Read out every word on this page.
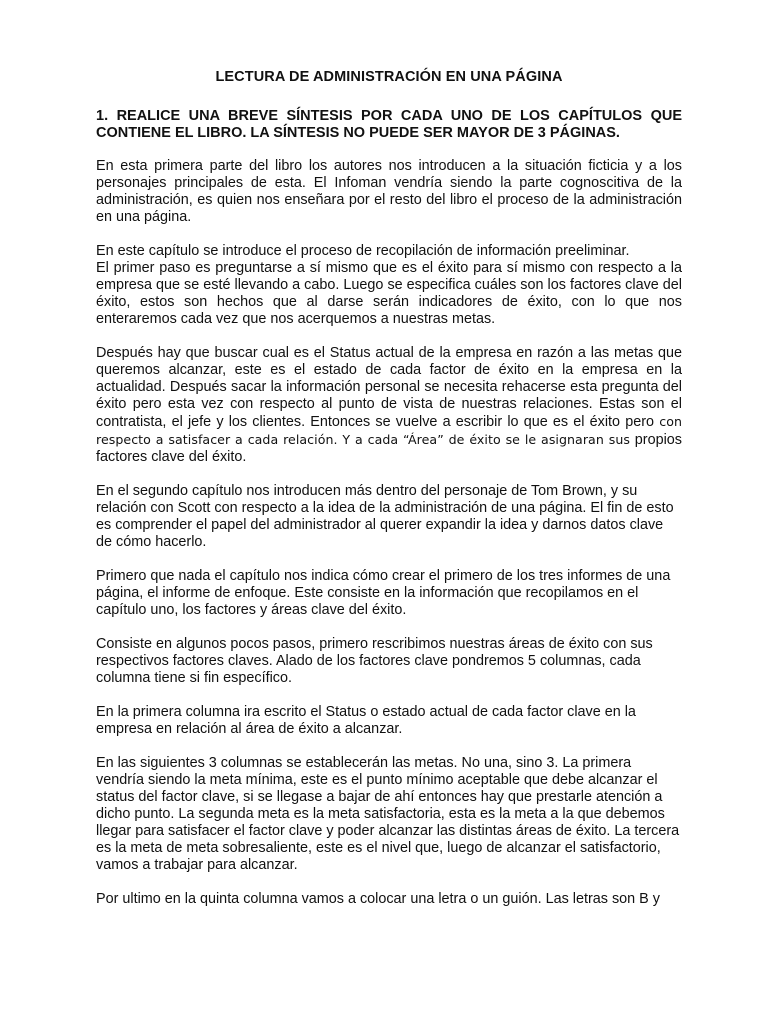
LECTURA DE ADMINISTRACIÓN EN UNA PÁGINA
1. REALICE UNA BREVE SÍNTESIS POR CADA UNO DE LOS CAPÍTULOS QUE CONTIENE EL LIBRO. LA SÍNTESIS NO PUEDE SER MAYOR DE 3 PÁGINAS.
En esta primera parte del libro los autores nos introducen a la situación ficticia y a los personajes principales de esta. El Infoman vendría siendo la parte cognoscitiva de la administración, es quien nos enseñara por el resto del libro el proceso de la administración en una página.
En este capítulo se introduce el proceso de recopilación de información preeliminar.
El primer paso es preguntarse a sí mismo que es el éxito para sí mismo con respecto a la empresa que se esté llevando a cabo. Luego se especifica cuáles son los factores clave del éxito, estos son hechos que al darse serán indicadores de éxito, con lo que nos enteraremos cada vez que nos acerquemos a nuestras metas.
Después hay que buscar cual es el Status actual de la empresa en razón a las metas que queremos alcanzar, este es el estado de cada factor de éxito en la empresa en la actualidad. Después sacar la información personal se necesita rehacerse esta pregunta del éxito pero esta vez con respecto al punto de vista de nuestras relaciones. Estas son el contratista, el jefe y los clientes. Entonces se vuelve a escribir lo que es el éxito pero con respecto a satisfacer a cada relación. Y a cada “Área” de éxito se le asignaran sus propios factores clave del éxito.
En el segundo capítulo nos introducen más dentro del personaje de Tom Brown, y su relación con Scott con respecto a la idea de la administración de una página. El fin de esto es comprender el papel del administrador al querer expandir la idea y darnos datos clave de cómo hacerlo.
Primero que nada el capítulo nos indica cómo crear el primero de los tres informes de una página, el informe de enfoque. Este consiste en la información que recopilamos en el capítulo uno, los factores y áreas clave del éxito.
Consiste en algunos pocos pasos, primero rescribimos nuestras áreas de éxito con sus respectivos factores claves. Alado de los factores clave pondremos 5 columnas, cada columna tiene si fin específico.
En la primera columna ira escrito el Status o estado actual de cada factor clave en la empresa en relación al área de éxito a alcanzar.
En las siguientes 3 columnas se establecerán las metas. No una, sino 3. La primera vendría siendo la meta mínima, este es el punto mínimo aceptable que debe alcanzar el status del factor clave, si se llegase a bajar de ahí entonces hay que prestarle atención a dicho punto. La segunda meta es la meta satisfactoria, esta es la meta a la que debemos llegar para satisfacer el factor clave y poder alcanzar las distintas áreas de éxito. La tercera es la meta de meta sobresaliente, este es el nivel que, luego de alcanzar el satisfactorio, vamos a trabajar para alcanzar.
Por ultimo en la quinta columna vamos a colocar una letra o un guión. Las letras son B y
